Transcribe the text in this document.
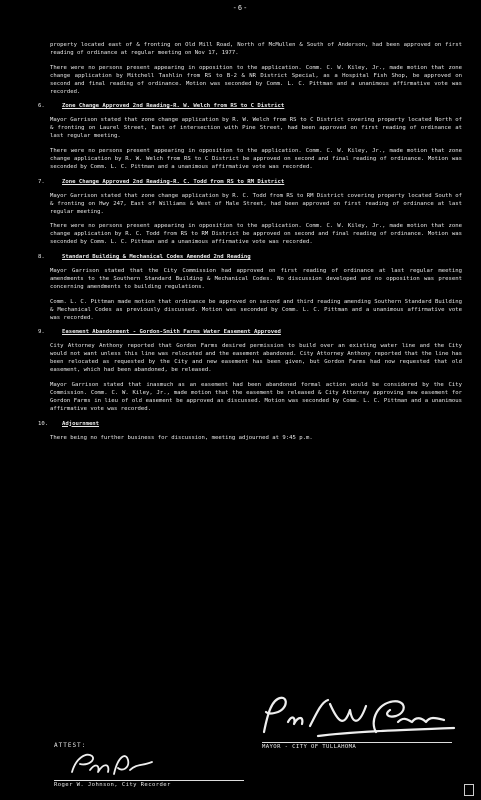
-6-

property located east of & fronting on Old Mill Road, North of McMullen & South of Anderson, had been approved on first reading of ordinance at regular meeting on Nov 17, 1977.

There were no persons present appearing in opposition to the application. Comm. C. W. Kiley, Jr., made motion that zone change application by Mitchell Tashlin from RS to B-2 & NR District Special, as a Hospital Fish Shop, be approved on second and final reading of ordinance. Motion was seconded by Comm. L. C. Pittman and a unanimous affirmative vote was recorded.

6.	Zone Change Approved 2nd Reading-R. W. Welch from RS to C District

Mayor Garrison stated that zone change application by R. W. Welch from RS to C District covering property located North of & fronting on Laurel Street, East of intersection with Pine Street, had been approved on first reading of ordinance at last regular meeting.

There were no persons present appearing in opposition to the application. Comm. C. W. Kiley, Jr., made motion that zone change application by R. W. Welch from RS to C District be approved on second and final reading of ordinance. Motion was seconded by Comm. L. C. Pittman and a unanimous affirmative vote was recorded.

7.	Zone Change Approved 2nd Reading-R. C. Todd from RS to RM District

Mayor Garrison stated that zone change application by R. C. Todd from RS to RM District covering property located South of & fronting on Hwy 247, East of Williams & West of Hale Street, had been approved on first reading of ordinance at last regular meeting.

There were no persons present appearing in opposition to the application. Comm. C. W. Kiley, Jr., made motion that zone change application by R. C. Todd from RS to RM District be approved on second and final reading of ordinance. Motion was seconded by Comm. L. C. Pittman and a unanimous affirmative vote was recorded.

8.	Standard Building & Mechanical Codes Amended 2nd Reading

Mayor Garrison stated that the City Commission had approved on first reading of ordinance at last regular meeting amendments to the Southern Standard Building & Mechanical Codes. No discussion developed and no opposition was present concerning amendments to building regulations.

Comm. L. C. Pittman made motion that ordinance be approved on second and third reading amending Southern Standard Building & Mechanical Codes as previously discussed. Motion was seconded by Comm. L. C. Pittman and a unanimous affirmative vote was recorded.

9.	Easement Abandonment - Gordon-Smith Farms Water Easement Approved

City Attorney Anthony reported that Gordon Farms desired permission to build over an existing water line and the City would not want unless this line was relocated and the easement abandoned. City Attorney Anthony reported that the line has been relocated as requested by the City and new easement has been given, but Gordon Farms had now requested that old easement, which had been abandoned, be released.

Mayor Garrison stated that inasmuch as an easement had been abandoned formal action would be considered by the City Commission. Comm. C. W. Kiley, Jr., made motion that the easement be released & City Attorney approving new easement for Gordon Farms in lieu of old easement be approved as discussed. Motion was seconded by Comm. L. C. Pittman and a unanimous affirmative vote was recorded.

10.	Adjournment

There being no further business for discussion, meeting adjourned at 9:45 p.m.

MAYOR - CITY OF TULLAHOMA
ATTEST:
Roger W. Johnson, City Recorder
